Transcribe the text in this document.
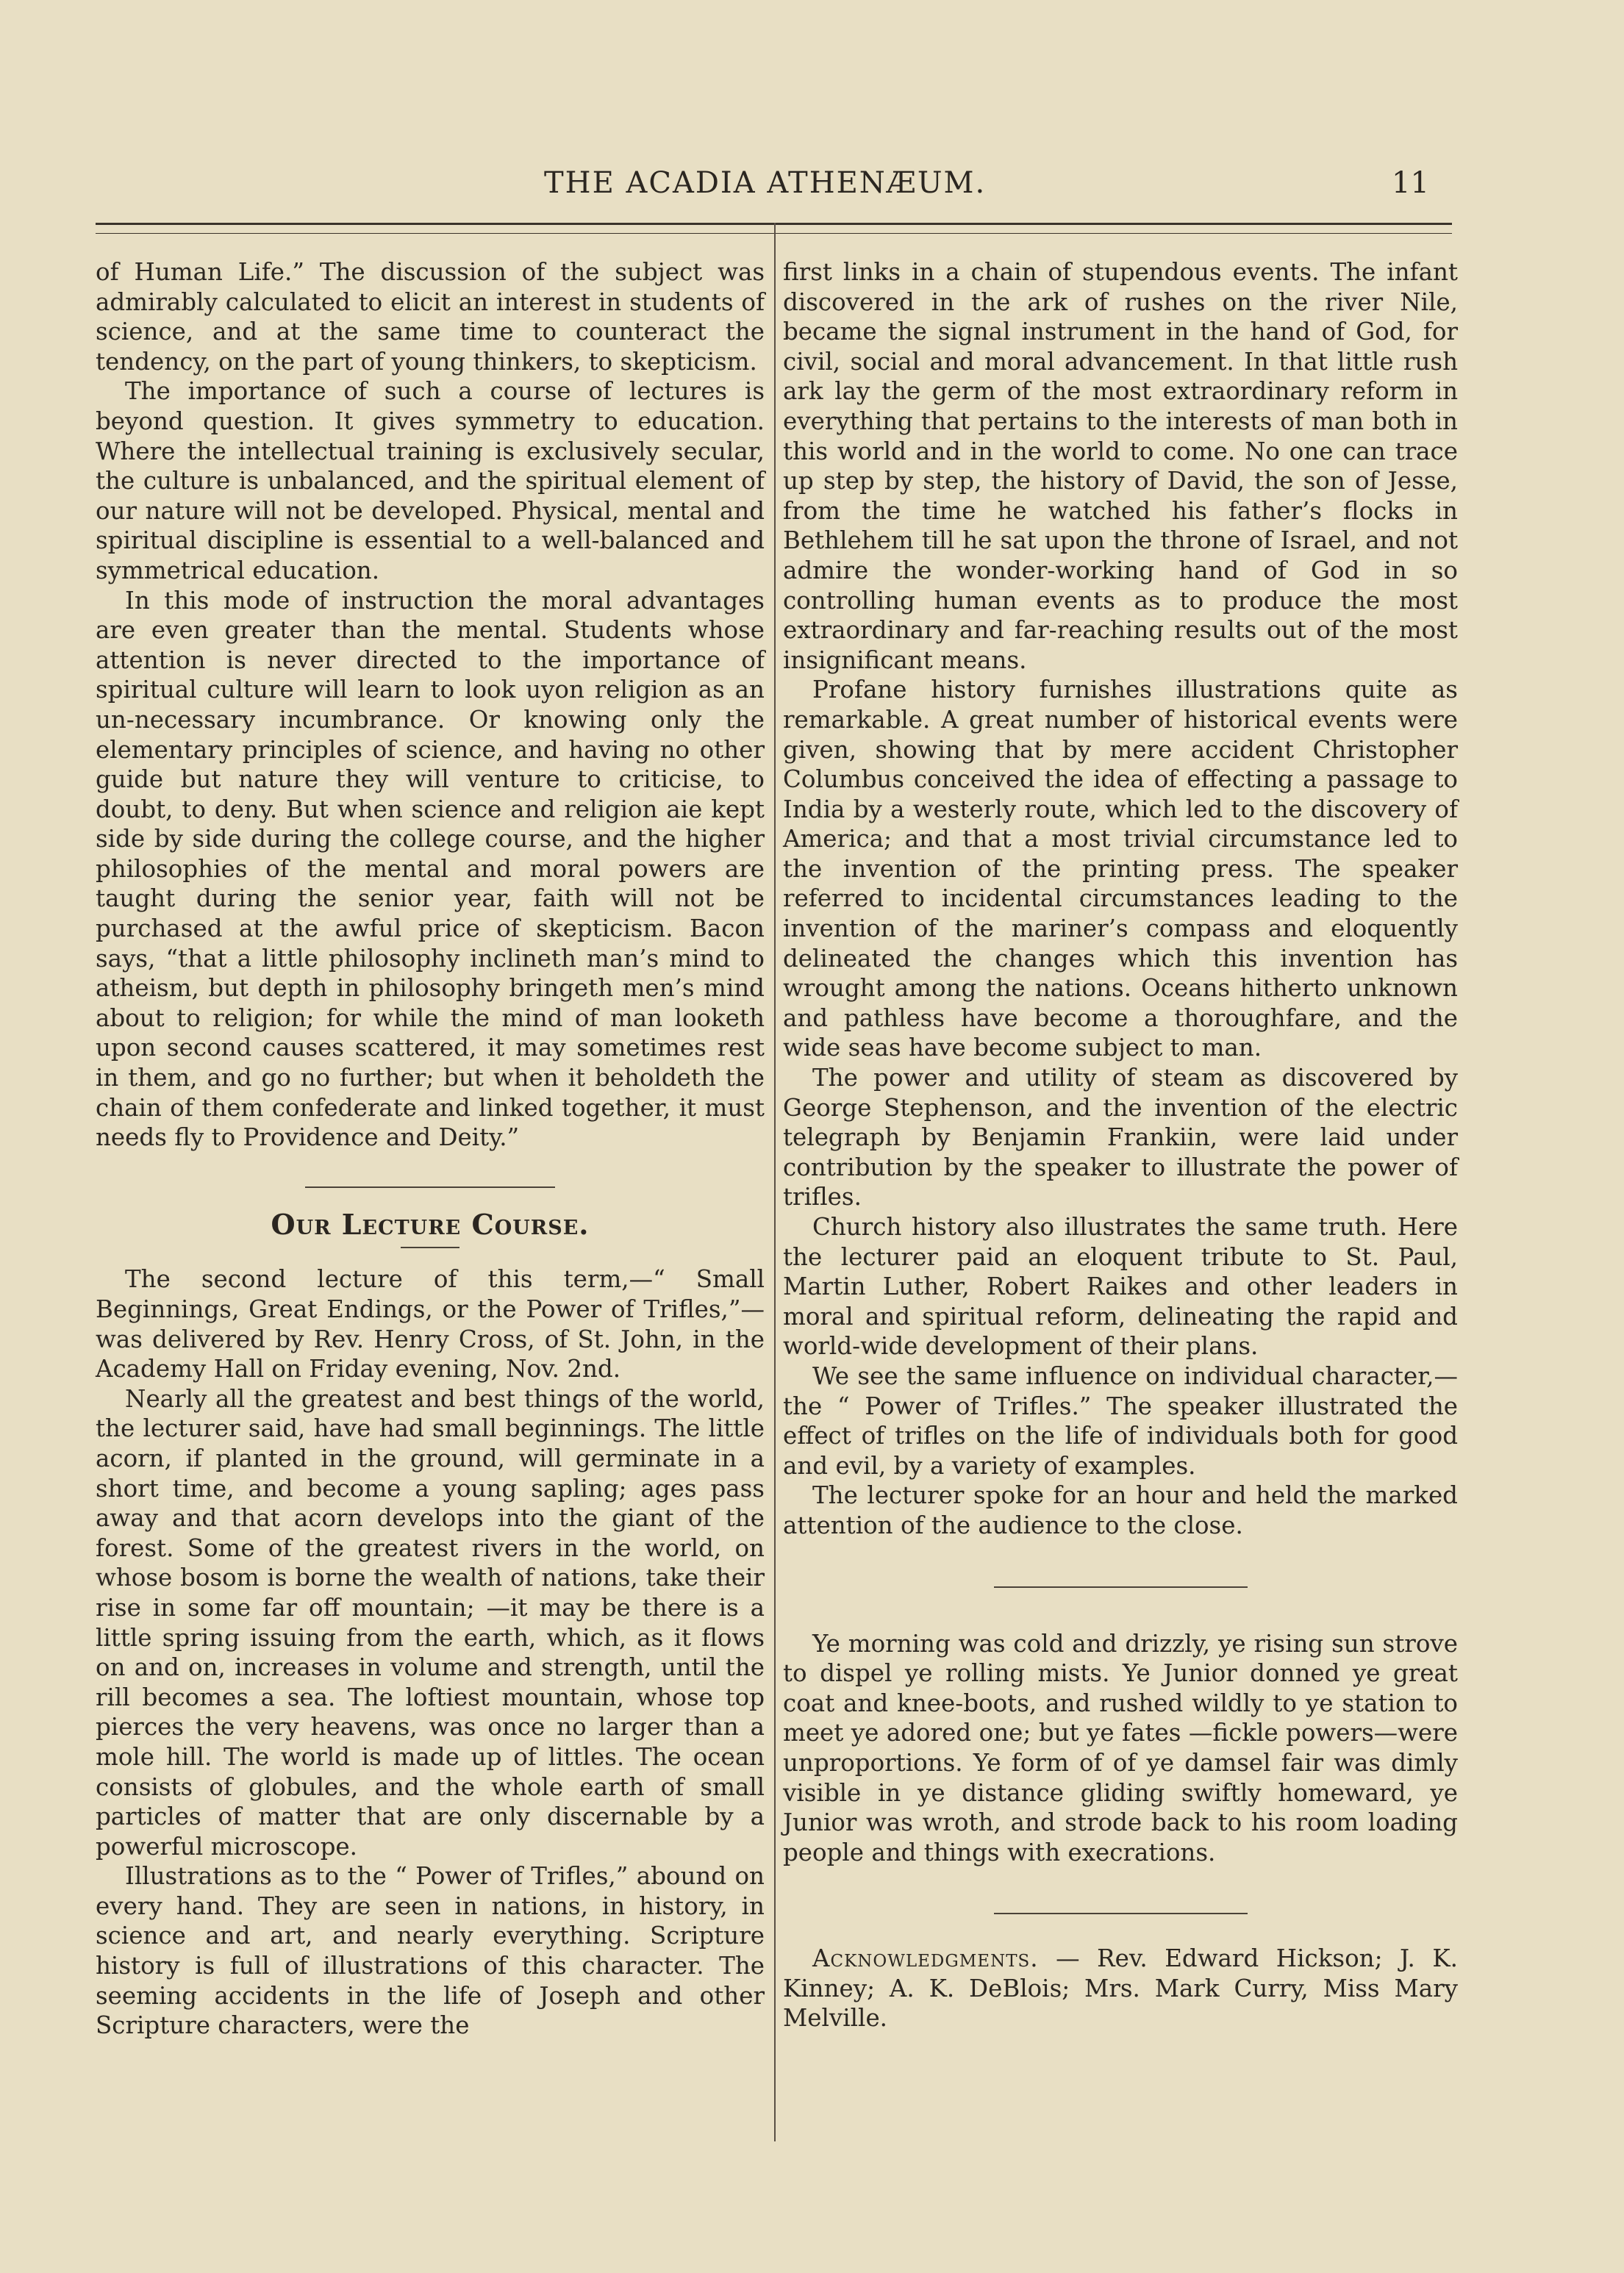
THE ACADIA ATHENÆUM.	11

of Human Life.” The discussion of the subject was admirably calculated to elicit an interest in students of science, and at the same time to counteract the tendency, on the part of young thinkers, to skepticism.

The importance of such a course of lectures is beyond question. It gives symmetry to education. Where the intellectual training is exclusively secular, the culture is unbalanced, and the spiritual element of our nature will not be developed. Physical, mental and spiritual discipline is essential to a well-balanced and symmetrical education.

In this mode of instruction the moral advantages are even greater than the mental. Students whose attention is never directed to the importance of spiritual culture will learn to look uyon religion as an un-necessary incumbrance. Or knowing only the elementary principles of science, and having no other guide but nature they will venture to criticise, to doubt, to deny. But when science and religion aie kept side by side during the college course, and the higher philosophies of the mental and moral powers are taught during the senior year, faith will not be purchased at the awful price of skepticism. Bacon says, “that a little philosophy inclineth man’s mind to atheism, but depth in philosophy bringeth men’s mind about to religion; for while the mind of man looketh upon second causes scattered, it may sometimes rest in them, and go no further; but when it beholdeth the chain of them confederate and linked together, it must needs fly to Providence and Deity.”

Our Lecture Course.

The second lecture of this term,—“ Small Beginnings, Great Endings, or the Power of Trifles,”—was delivered by Rev. Henry Cross, of St. John, in the Academy Hall on Friday evening, Nov. 2nd.

Nearly all the greatest and best things of the world, the lecturer said, have had small beginnings. The little acorn, if planted in the ground, will germinate in a short time, and become a young sapling; ages pass away and that acorn develops into the giant of the forest. Some of the greatest rivers in the world, on whose bosom is borne the wealth of nations, take their rise in some far off mountain; —it may be there is a little spring issuing from the earth, which, as it flows on and on, increases in volume and strength, until the rill becomes a sea. The loftiest mountain, whose top pierces the very heavens, was once no larger than a mole hill. The world is made up of littles. The ocean consists of globules, and the whole earth of small particles of matter that are only discernable by a powerful microscope.

Illustrations as to the “ Power of Trifles,” abound on every hand. They are seen in nations, in history, in science and art, and nearly everything. Scripture history is full of illustrations of this character. The seeming accidents in the life of Joseph and other Scripture characters, were the

first links in a chain of stupendous events. The infant discovered in the ark of rushes on the river Nile, became the signal instrument in the hand of God, for civil, social and moral advancement. In that little rush ark lay the germ of the most extraordinary reform in everything that pertains to the interests of man both in this world and in the world to come. No one can trace up step by step, the history of David, the son of Jesse, from the time he watched his father’s flocks in Bethlehem till he sat upon the throne of Israel, and not admire the wonder-working hand of God in so controlling human events as to produce the most extraordinary and far-reaching results out of the most insignificant means.

Profane history furnishes illustrations quite as remarkable. A great number of historical events were given, showing that by mere accident Christopher Columbus conceived the idea of effecting a passage to India by a westerly route, which led to the discovery of America; and that a most trivial circumstance led to the invention of the printing press. The speaker referred to incidental circumstances leading to the invention of the mariner’s compass and eloquently delineated the changes which this invention has wrought among the nations. Oceans hitherto unknown and pathless have become a thoroughfare, and the wide seas have become subject to man.

The power and utility of steam as discovered by George Stephenson, and the invention of the electric telegraph by Benjamin Frankiin, were laid under contribution by the speaker to illustrate the power of trifles.

Church history also illustrates the same truth. Here the lecturer paid an eloquent tribute to St. Paul, Martin Luther, Robert Raikes and other leaders in moral and spiritual reform, delineating the rapid and world-wide development of their plans.

We see the same influence on individual character,—the “ Power of Trifles.” The speaker illustrated the effect of trifles on the life of individuals both for good and evil, by a variety of examples.

The lecturer spoke for an hour and held the marked attention of the audience to the close.

Ye morning was cold and drizzly, ye rising sun strove to dispel ye rolling mists. Ye Junior donned ye great coat and knee-boots, and rushed wildly to ye station to meet ye adored one; but ye fates —fickle powers—were unproportions. Ye form of of ye damsel fair was dimly visible in ye distance gliding swiftly homeward, ye Junior was wroth, and strode back to his room loading people and things with execrations.

Acknowledgments. — Rev. Edward Hickson; J. K. Kinney; A. K. DeBlois; Mrs. Mark Curry, Miss Mary Melville.
